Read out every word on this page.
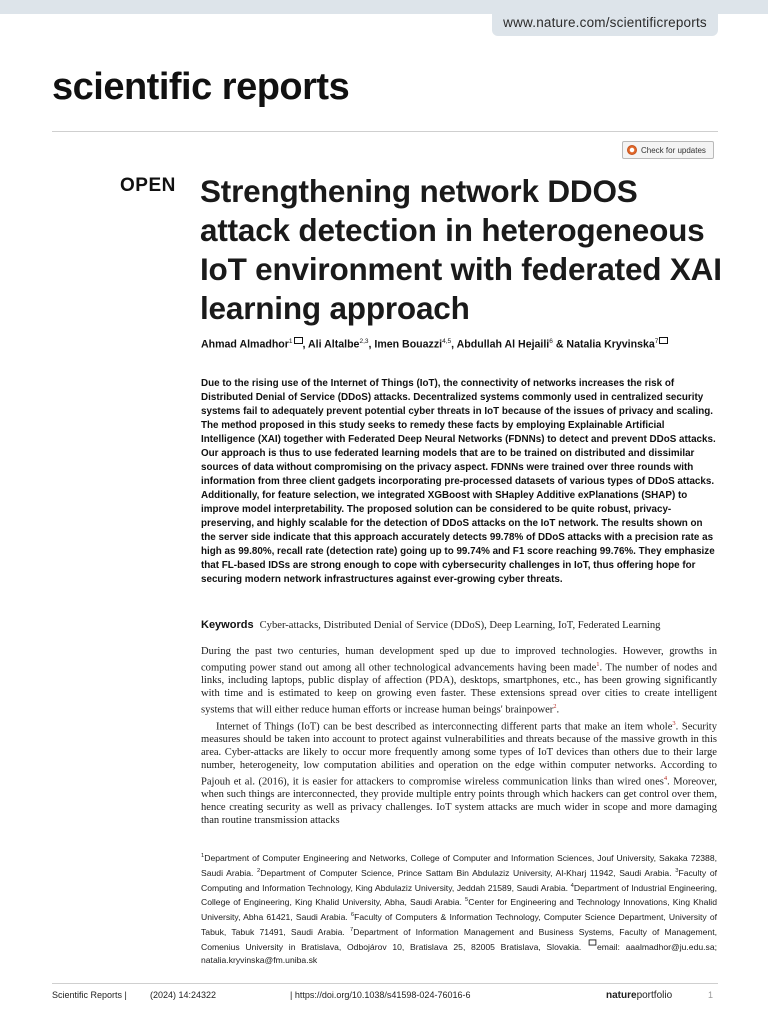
www.nature.com/scientificreports
scientific reports
Check for updates
OPEN Strengthening network DDOS attack detection in heterogeneous IoT environment with federated XAI learning approach
Ahmad Almadhor$^1$ , Ali Altalbe$^{2,3}$, Imen Bouazzi$^{4,5}$, Abdullah Al Hejaili$^6$ & Natalia Kryvinska$^7$
Due to the rising use of the Internet of Things (IoT), the connectivity of networks increases the risk of Distributed Denial of Service (DDoS) attacks. Decentralized systems commonly used in centralized security systems fail to adequately prevent potential cyber threats in IoT because of the issues of privacy and scaling. The method proposed in this study seeks to remedy these facts by employing Explainable Artificial Intelligence (XAI) together with Federated Deep Neural Networks (FDNNs) to detect and prevent DDoS attacks. Our approach is thus to use federated learning models that are to be trained on distributed and dissimilar sources of data without compromising on the privacy aspect. FDNNs were trained over three rounds with information from three client gadgets incorporating pre-processed datasets of various types of DDoS attacks. Additionally, for feature selection, we integrated XGBoost with SHapley Additive exPlanations (SHAP) to improve model interpretability. The proposed solution can be considered to be quite robust, privacy-preserving, and highly scalable for the detection of DDoS attacks on the IoT network. The results shown on the server side indicate that this approach accurately detects 99.78% of DDoS attacks with a precision rate as high as 99.80%, recall rate (detection rate) going up to 99.74% and F1 score reaching 99.76%. They emphasize that FL-based IDSs are strong enough to cope with cybersecurity challenges in IoT, thus offering hope for securing modern network infrastructures against ever-growing cyber threats.
Keywords Cyber-attacks, Distributed Denial of Service (DDoS), Deep Learning, IoT, Federated Learning

During the past two centuries, human development sped up due to improved technologies. However, growths in computing power stand out among all other technological advancements having been made$^1$. The number of nodes and links, including laptops, public display of affection (PDA), desktops, smartphones, etc., has been growing significantly with time and is estimated to keep on growing even faster. These extensions spread over cities to create intelligent systems that will either reduce human efforts or increase human beings' brainpower$^2$.

Internet of Things (IoT) can be best described as interconnecting different parts that make an item whole$^3$. Security measures should be taken into account to protect against vulnerabilities and threats because of the massive growth in this area. Cyber-attacks are likely to occur more frequently among some types of IoT devices than others due to their large number, heterogeneity, low computation abilities and operation on the edge within computer networks. According to Pajouh et al. (2016), it is easier for attackers to compromise wireless communication links than wired ones$^4$. Moreover, when such things are interconnected, they provide multiple entry points through which hackers can get control over them, hence creating security as well as privacy challenges. IoT system attacks are much wider in scope and more damaging than routine transmission attacks

$^1$Department of Computer Engineering and Networks, College of Computer and Information Sciences, Jouf University, Sakaka 72388, Saudi Arabia. $^2$Department of Computer Science, Prince Sattam Bin Abdulaziz University, Al-Kharj 11942, Saudi Arabia. $^3$Faculty of Computing and Information Technology, King Abdulaziz University, Jeddah 21589, Saudi Arabia. $^4$Department of Industrial Engineering, College of Engineering, King Khalid University, Abha, Saudi Arabia. $^5$Center for Engineering and Technology Innovations, King Khalid University, Abha 61421, Saudi Arabia. $^6$Faculty of Computers & Information Technology, Computer Science Department, University of Tabuk, Tabuk 71491, Saudi Arabia. $^7$Department of Information Management and Business Systems, Faculty of Management, Comenius University in Bratislava, Odbojárov 10, Bratislava 25, 82005 Bratislava, Slovakia. email: aaalmadhor@ju.edu.sa; natalia.kryvinska@fm.uniba.sk
Scientific Reports |	(2024) 14:24322	| https://doi.org/10.1038/s41598-024-76016-6	natureportfolio	1
